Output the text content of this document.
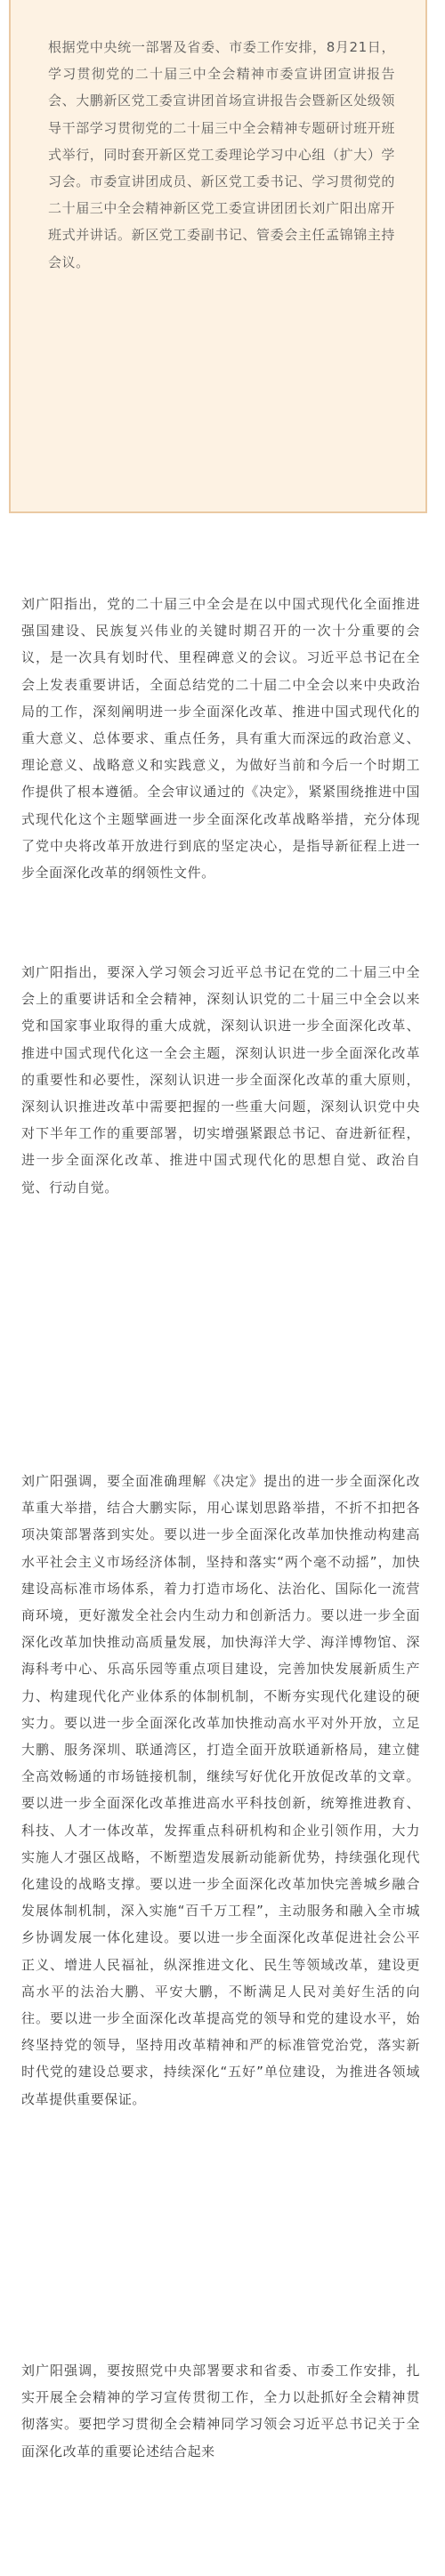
根据党中央统一部署及省委、市委工作安排，8月21日，学习贯彻党的二十届三中全会精神市委宣讲团宣讲报告会、大鹏新区党工委宣讲团首场宣讲报告会暨新区处级领导干部学习贯彻党的二十届三中全会精神专题研讨班开班式举行，同时套开新区党工委理论学习中心组（扩大）学习会。市委宣讲团成员、新区党工委书记、学习贯彻党的二十届三中全会精神新区党工委宣讲团团长刘广阳出席开班式并讲话。新区党工委副书记、管委会主任孟锦锦主持会议。

刘广阳指出，党的二十届三中全会是在以中国式现代化全面推进强国建设、民族复兴伟业的关键时期召开的一次十分重要的会议，是一次具有划时代、里程碑意义的会议。习近平总书记在全会上发表重要讲话，全面总结党的二十届二中全会以来中央政治局的工作，深刻阐明进一步全面深化改革、推进中国式现代化的重大意义、总体要求、重点任务，具有重大而深远的政治意义、理论意义、战略意义和实践意义，为做好当前和今后一个时期工作提供了根本遵循。全会审议通过的《决定》，紧紧围绕推进中国式现代化这个主题擘画进一步全面深化改革战略举措，充分体现了党中央将改革开放进行到底的坚定决心，是指导新征程上进一步全面深化改革的纲领性文件。

刘广阳指出，要深入学习领会习近平总书记在党的二十届三中全会上的重要讲话和全会精神，深刻认识党的二十届三中全会以来党和国家事业取得的重大成就，深刻认识进一步全面深化改革、推进中国式现代化这一全会主题，深刻认识进一步全面深化改革的重要性和必要性，深刻认识进一步全面深化改革的重大原则，深刻认识推进改革中需要把握的一些重大问题，深刻认识党中央对下半年工作的重要部署，切实增强紧跟总书记、奋进新征程，进一步全面深化改革、推进中国式现代化的思想自觉、政治自觉、行动自觉。

刘广阳强调，要全面准确理解《决定》提出的进一步全面深化改革重大举措，结合大鹏实际，用心谋划思路举措，不折不扣把各项决策部署落到实处。要以进一步全面深化改革加快推动构建高水平社会主义市场经济体制，坚持和落实“两个毫不动摇”，加快建设高标准市场体系，着力打造市场化、法治化、国际化一流营商环境，更好激发全社会内生动力和创新活力。要以进一步全面深化改革加快推动高质量发展，加快海洋大学、海洋博物馆、深海科考中心、乐高乐园等重点项目建设，完善加快发展新质生产力、构建现代化产业体系的体制机制，不断夯实现代化建设的硬实力。要以进一步全面深化改革加快推动高水平对外开放，立足大鹏、服务深圳、联通湾区，打造全面开放联通新格局，建立健全高效畅通的市场链接机制，继续写好优化开放促改革的文章。要以进一步全面深化改革推进高水平科技创新，统筹推进教育、科技、人才一体改革，发挥重点科研机构和企业引领作用，大力实施人才强区战略，不断塑造发展新动能新优势，持续强化现代化建设的战略支撑。要以进一步全面深化改革加快完善城乡融合发展体制机制，深入实施“百千万工程”，主动服务和融入全市城乡协调发展一体化建设。要以进一步全面深化改革促进社会公平正义、增进人民福祉，纵深推进文化、民生等领域改革，建设更高水平的法治大鹏、平安大鹏，不断满足人民对美好生活的向往。要以进一步全面深化改革提高党的领导和党的建设水平，始终坚持党的领导，坚持用改革精神和严的标准管党治党，落实新时代党的建设总要求，持续深化“五好”单位建设，为推进各领域改革提供重要保证。

刘广阳强调，要按照党中央部署要求和省委、市委工作安排，扎实开展全会精神的学习宣传贯彻工作，全力以赴抓好全会精神贯彻落实。要把学习贯彻全会精神同学习领会习近平总书记关于全面深化改革的重要论述结合起来
